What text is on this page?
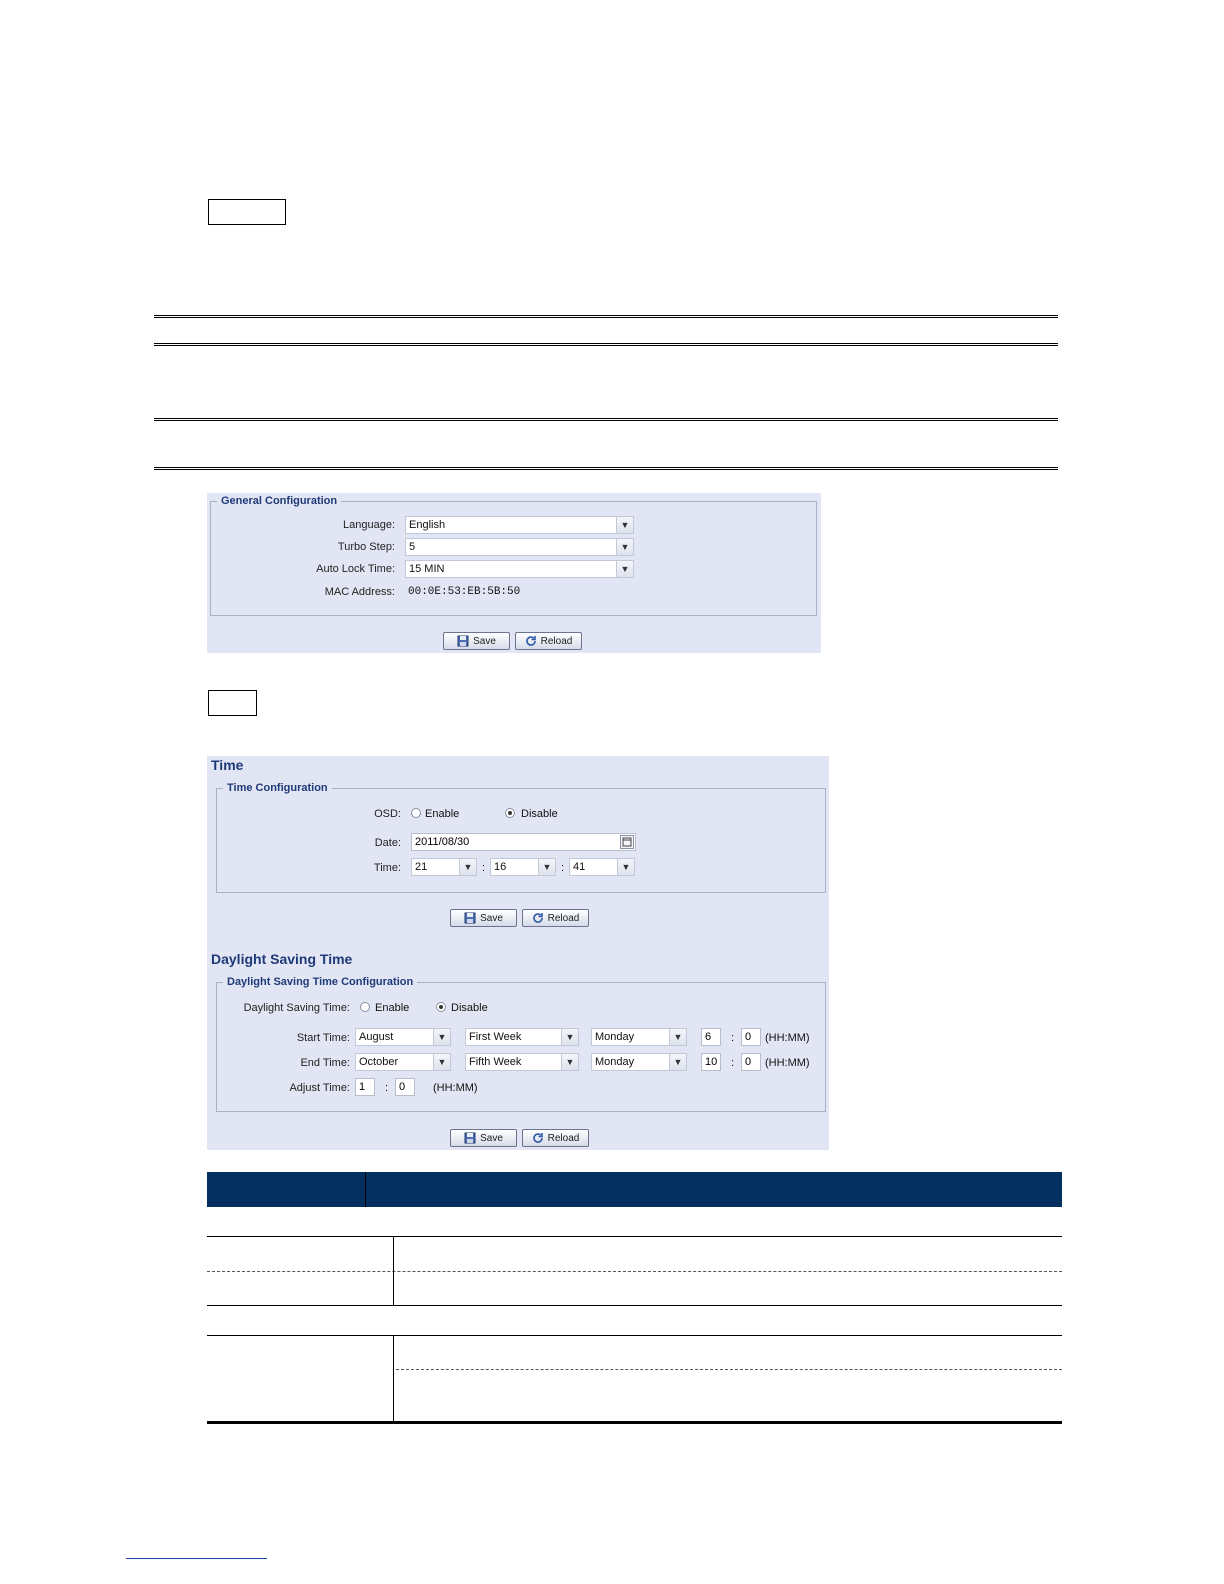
General Configuration
Language: English	▼
Turbo Step: 5	▼
Auto Lock Time: 15 MIN	▼
MAC Address: 00:0E:53:EB:5B:50
Save	Reload
Time
Time Configuration
OSD: Enable	Disable
Date: 2011/08/30
Time: 21	▼ : 16	▼ : 41	▼
Save	Reload
Daylight Saving Time
Daylight Saving Time Configuration
Daylight Saving Time: Enable	Disable
Start Time: August	▼	First Week	▼	Monday	▼	6 : 0 (HH:MM)
End Time: October	▼	Fifth Week	▼	Monday	▼	10 : 0 (HH:MM)
Adjust Time: 1 : 0	(HH:MM)
Save	Reload
